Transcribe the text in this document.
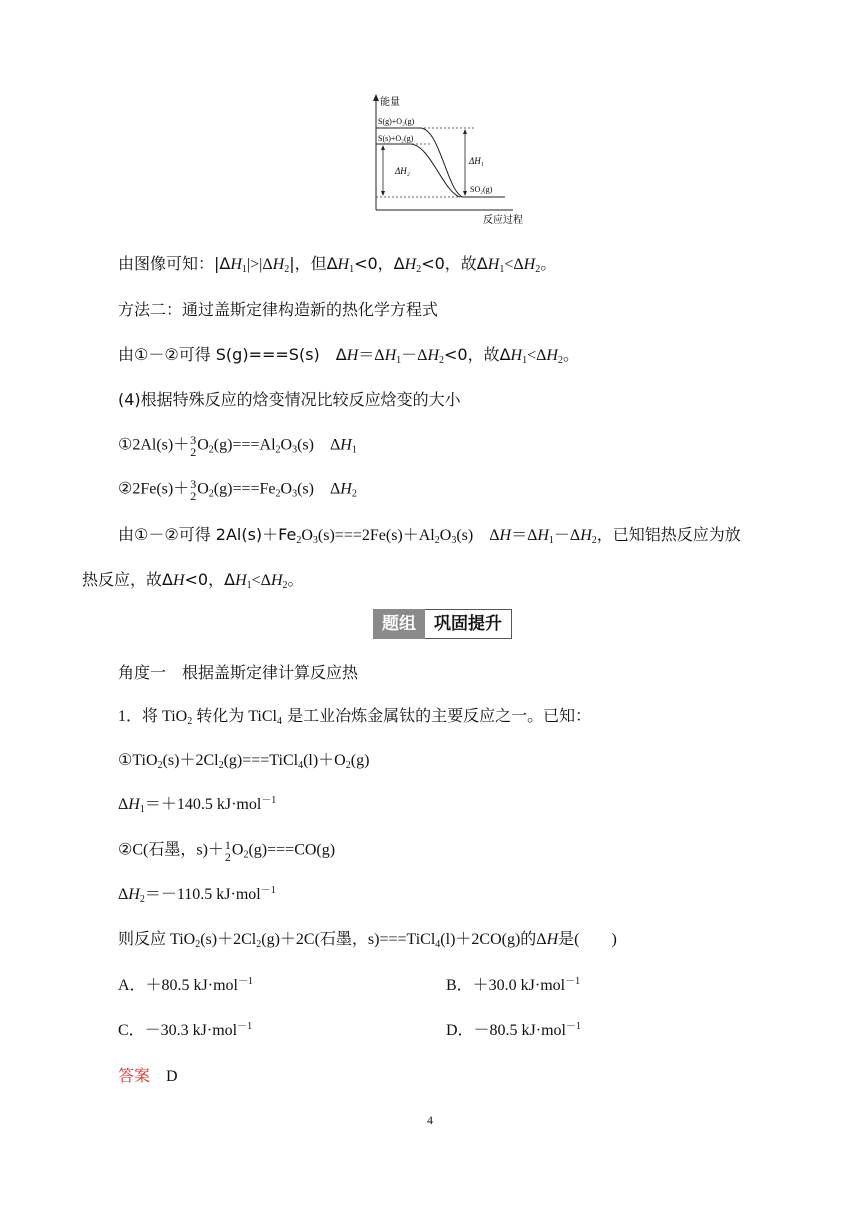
能量
反应过程
S(g)+O₂(g)
S(s)+O₂(g)
SO₂(g)
ΔH₁
ΔH₂
由图像可知：$|\Delta H_1|>|\Delta H_2|$，但$\Delta H_1<0$，$\Delta H_2<0$，故$\Delta H_1<\Delta H_2$。
方法二：通过盖斯定律构造新的热化学方程式
由①－②可得 S(g)===S(s)　$\Delta H=\Delta H_1-\Delta H_2<0$，故$\Delta H_1<\Delta H_2$。
(4)根据特殊反应的焓变情况比较反应焓变的大小
①2Al(s)＋ 3
2 $O_2(g)===Al_2O_3(s)$　$\Delta H_1$
②2Fe(s)＋ 3
2 $O_2(g)===Fe_2O_3(s)$　$\Delta H_2$
由①－②可得 $2Al(s)+Fe_2O_3(s)===2Fe(s)+Al_2O_3(s)$　$\Delta H=\Delta H_1-\Delta H_2$，已知铝热反应为放
热反应，故ΔH<0，$\Delta H_1<\Delta H_2$。
题组	巩固提升
角度一　根据盖斯定律计算反应热
1．将 TiO$_2$ 转化为 TiCl$_4$ 是工业冶炼金属钛的主要反应之一。已知：
$①TiO_2(s)+2Cl_2(g)===TiCl_4(l)+O_2(g)$
$\Delta H_1=+140.5$ kJ·mol$^{-1}$
②C(石墨，s)＋ 1
2 $O_2(g)===CO(g)$
$\Delta H_2=-110.5$ kJ·mol$^{-1}$
则反应 $TiO_2(s)+2Cl_2(g)+2C$(石墨，s)===TiCl$_4$(l)＋2CO(g)的ΔH是(　　)
A．＋80.5 kJ·mol$^{-1}$	B．＋30.0 kJ·mol$^{-1}$
C．－30.3 kJ·mol$^{-1}$	D．－80.5 kJ·mol$^{-1}$
答案　 D
4
